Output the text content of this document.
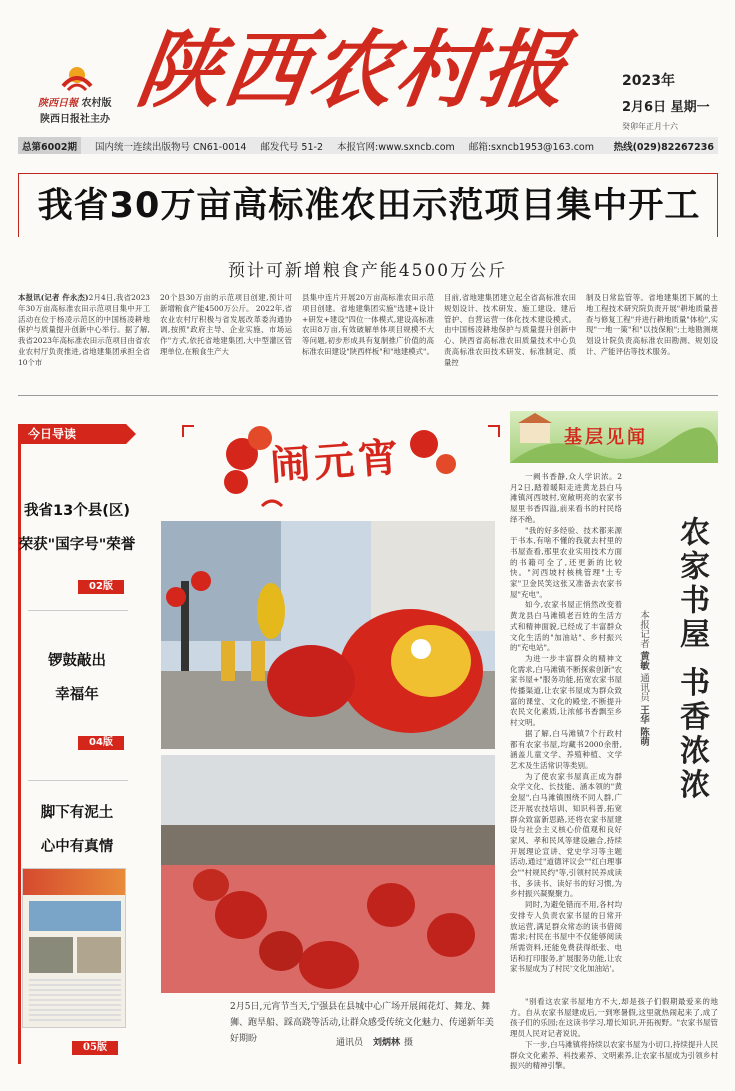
陕西日報 农村版
陕西日报社主办
陕西农村报	2023年
2月6日 星期一
癸卯年正月十六
总第6002期	国内统一连续出版物号 CN61-0014 邮发代号 51-2 本报官网:www.sxncb.com 邮箱:sxncb1953@163.com 热线(029)82267236
我省30万亩高标准农田示范项目集中开工
预计可新增粮食产能4500万公斤
本报讯(记者 仵永杰)2月4日,我省2023年30万亩高标准农田示范项目集中开工活动在位于杨凌示范区的中国杨凌耕地保护与质量提升创新中心举行。据了解,我省2023年高标准农田示范项目由省农业农村厅负责推进,省地建集团承担全省10个市
20个县30万亩的示范项目创建,预计可新增粮食产能4500万公斤。 2022年,省农业农村厅积极与省发展改革委沟通协调,按照"政府主导、企业实施、市场运作"方式,依托省地建集团,大中型灌区管理单位,在粮食生产大
县集中连片开展20万亩高标准农田示范项目创建。省地建集团实施"选建+设计+研发+建设"四位一体模式,建设高标准农田8万亩,有效破解单体项目规模不大等问题,初步形成具有复制推广价值的高标准农田建设"陕西样板"和"地建模式"。
目前,省地建集团建立起全省高标准农田规划设计、技术研发、施工建设、建后管护、自营运营一体化技术建设模式。由中国杨凌耕地保护与质量提升创新中心、陕西省高标准农田质量技术中心负责高标准农田技术研发、标准制定、质量控
制及日常监管等。省地建集团下属的土地工程技术研究院负责开展"耕地质量普查与修复工程"并进行耕地质量"体检",实现"一地一策"和"以技保粮";土地勘测规划设计院负责高标准农田勘测、规划设计、产能评估等技术服务。
今日导读
我省13个县(区)
荣获"国字号"荣誉
02版
锣鼓敲出
幸福年
04版
脚下有泥土
心中有真情
05版
闹元宵
2月5日,元宵节当天,宁强县在县城中心广场开展闹花灯、舞龙、舞狮、跑旱船、踩高跷等活动,让群众感受传统文化魅力、传递新年美好期盼	通讯员 刘炳林 摄
基层见闻

一阙书香静,众人学识浓。2月2日,踏着暖阳走进黄龙县白马滩镇河西坡村,宽敞明亮的农家书屋里书香四溢,前来看书的村民络绎不绝。

"我的好多经验、技术都来源于书本,有啥不懂的我就去村里的书屋查看,那里农业实用技术方面的书籍可全了,还更新的比较快。"河西坡村核桃管理"土专家"卫金民笑这张又准备去农家书屋"充电"。

如今,农家书屋正悄然改变着黄龙县白马滩镇老百姓的生活方式和精神面貌,已经成了丰富群众文化生活的"加油站"、乡村振兴的"充电站"。

为进一步丰富群众的精神文化需求,白马滩镇不断探索创新"农家书屋+"服务功能,拓宽农家书屋传播渠道,让农家书屋成为群众致富的课堂、文化的殿堂,不断提升农民文化素质,让浓郁书香飘至乡村文明。

据了解,白马滩镇7个行政村都有农家书屋,均藏书2000余册,涵盖儿童文学、养殖种植、文学艺术及生活常识等类别。

为了使农家书屋真正成为群众学文化、长技能、涵本领的"黄金屋",白马滩镇围绕不同人群,广泛开展农技培训、知识科普,拓宽群众致富新思路,还将农家书屋建设与社会主义核心价值观和良好家风、孝和民风等建设融合,持续开展理论宣讲、党史学习等主题活动,通过"道德评议会""红白理事会""村规民约"等,引领村民养成读书、多读书、读好书的好习惯,为乡村振兴凝聚聚力。

同时,为避免错而不用,各村均安排专人负责农家书屋的日常开放运营,满足群众常态的读书借阅需求;村民在书屋中不仅能够阅读所需资料,还能免费获得纸张、电话和打印服务,扩展服务功能,让农家书屋成为了村民'文化加油站'。

农家书屋 书香浓浓
本报记者 黄敏 通讯员 王华 陈萌

"别看这农家书屋地方不大,却是孩子们假期最爱来的地方。自从农家书屋建成后,一到寒暑假,这里就热闹起来了,成了孩子们的乐园;在这读书学习,增长知识,开拓视野。"农家书屋管理员人民对记者说说。

下一步,白马滩镇将持续以农家书屋为小切口,持续提升人民群众文化素养、科技素养、文明素养,让农家书屋成为引领乡村振兴的精神引擎。
